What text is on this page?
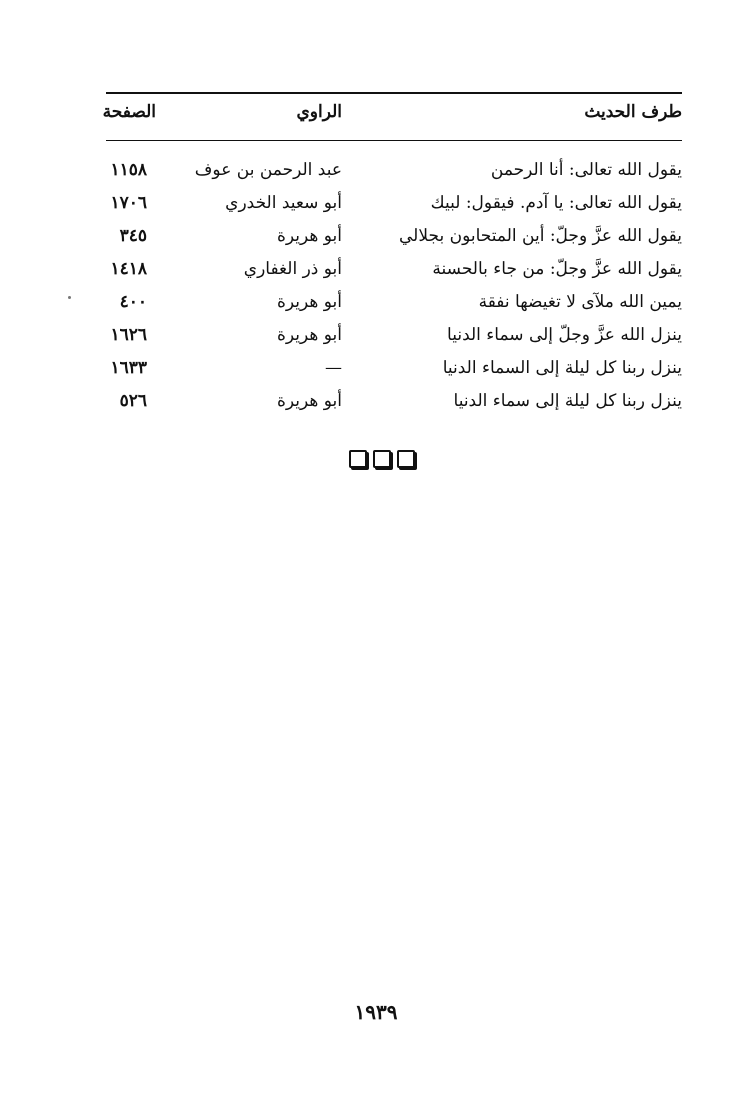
طرف الحديث
الراوي
الصفحة
يقول الله تعالى: أنا الرحمن
عبد الرحمن بن عوف
١١٥٨
يقول الله تعالى: يا آدم. فيقول: لبيك
أبو سعيد الخدري
١٧٠٦
يقول الله عزَّ وجلّ: أين المتحابون بجلالي
أبو هريرة
٣٤٥
يقول الله عزَّ وجلّ: من جاء بالحسنة
أبو ذر الغفاري
١٤١٨
يمين الله ملآى لا تغيضها نفقة
أبو هريرة
٤٠٠
ينزل الله عزَّ وجلّ إلى سماء الدنيا
أبو هريرة
١٦٢٦
ينزل ربنا كل ليلة إلى السماء الدنيا
—
١٦٣٣
ينزل ربنا كل ليلة إلى سماء الدنيا
أبو هريرة
٥٢٦
١٩٣٩
